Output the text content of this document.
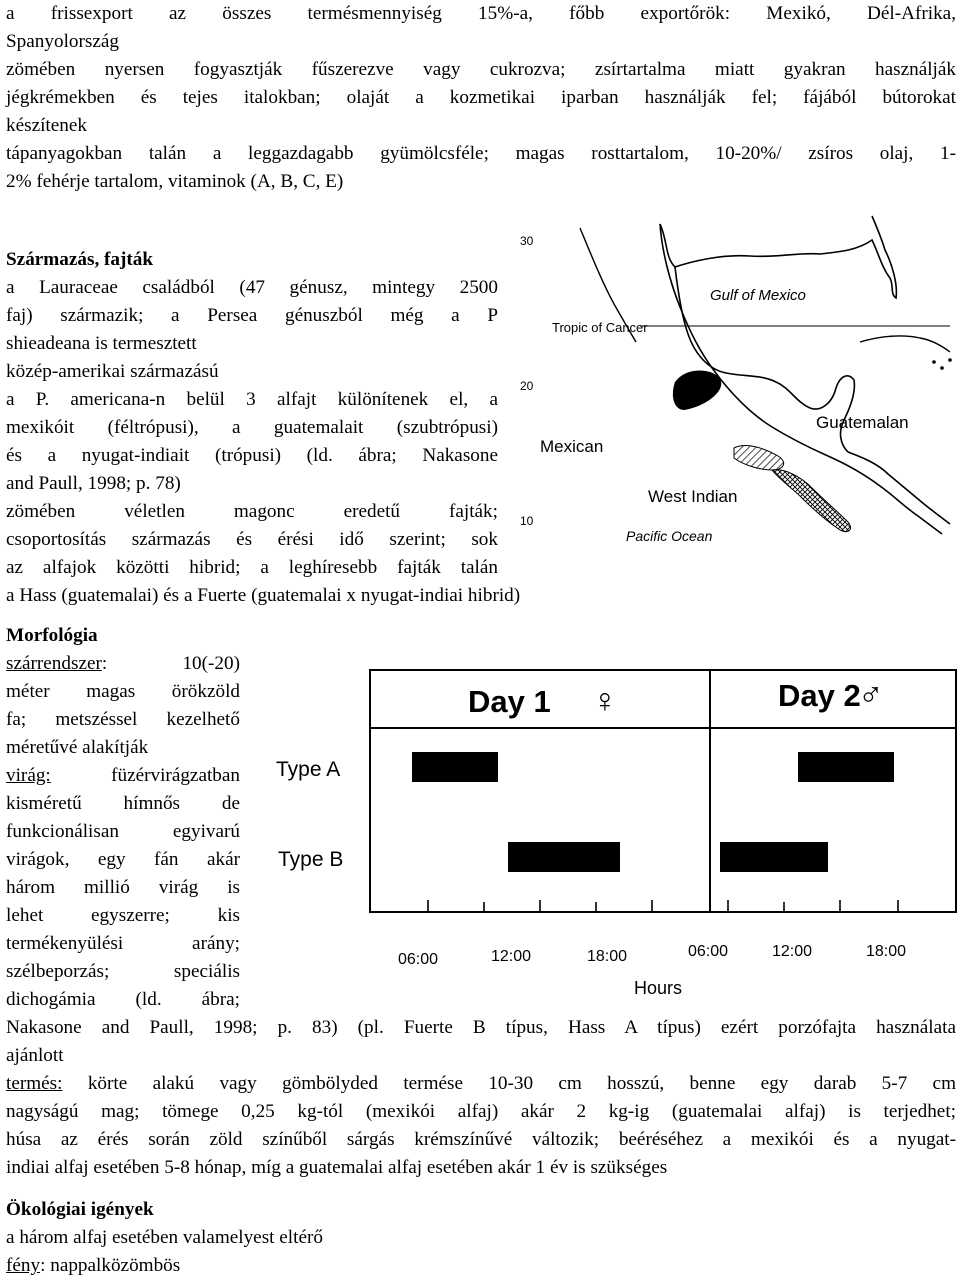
a frissexport az összes termésmennyiség 15%-a, főbb exportőrök: Mexikó, Dél-Afrika,
Spanyolország
zömében nyersen fogyasztják fűszerezve vagy cukrozva; zsírtartalma miatt gyakran használják
jégkrémekben és tejes italokban; olaját a kozmetikai iparban használják fel; fájából bútorokat
készítenek
tápanyagokban talán a leggazdagabb gyümölcsféle; magas rosttartalom, 10-20%/ zsíros olaj, 1-
2% fehérje tartalom, vitaminok (A, B, C, E)
Származás, fajták
a Lauraceae családból (47 génusz, mintegy 2500
faj) származik; a Persea génuszból még a P
shieadeana is termesztett
közép-amerikai származású
a P. americana-n belül 3 alfajt különítenek el, a
mexikóit (féltrópusi), a guatemalait (szubtrópusi)
és a nyugat-indiait (trópusi) (ld. ábra; Nakasone
and Paull, 1998; p. 78)
zömében véletlen magonc eredetű fajták;
csoportosítás származás és érési idő szerint; sok
az alfajok közötti hibrid; a leghíresebb fajták talán
a Hass (guatemalai) és a Fuerte (guatemalai x nyugat-indiai hibrid)
30
20
10
Tropic of Cancer
Gulf of Mexico
Guatemalan
Mexican
West Indian
Pacific Ocean
Morfológia
szárrendszer: 10(-20)
méter magas örökzöld
fa; metszéssel kezelhető
méretűvé alakítják
virág: füzérvirágzatban
kisméretű hímnős de
funkcionálisan egyivarú
virágok, egy fán akár
három millió virág is
lehet egyszerre; kis
termékenyülési arány;
szélbeporzás; speciális
dichogámia (ld. ábra;
Type A
Type B
Day 1 ♀	Day 2
♂
06:00	12:00	18:00	06:00	12:00	18:00
Hours
Nakasone and Paull, 1998; p. 83) (pl. Fuerte B típus, Hass A típus) ezért porzófajta használata
ajánlott
termés: körte alakú vagy gömbölyded termése 10-30 cm hosszú, benne egy darab 5-7 cm
nagyságú mag; tömege 0,25 kg-tól (mexikói alfaj) akár 2 kg-ig (guatemalai alfaj) is terjedhet;
húsa az érés során zöld színűből sárgás krémszínűvé változik; beéréséhez a mexikói és a nyugat-
indiai alfaj esetében 5-8 hónap, míg a guatemalai alfaj esetében akár 1 év is szükséges
Ökológiai igények
a három alfaj esetében valamelyest eltérő
fény: nappalközömbös
